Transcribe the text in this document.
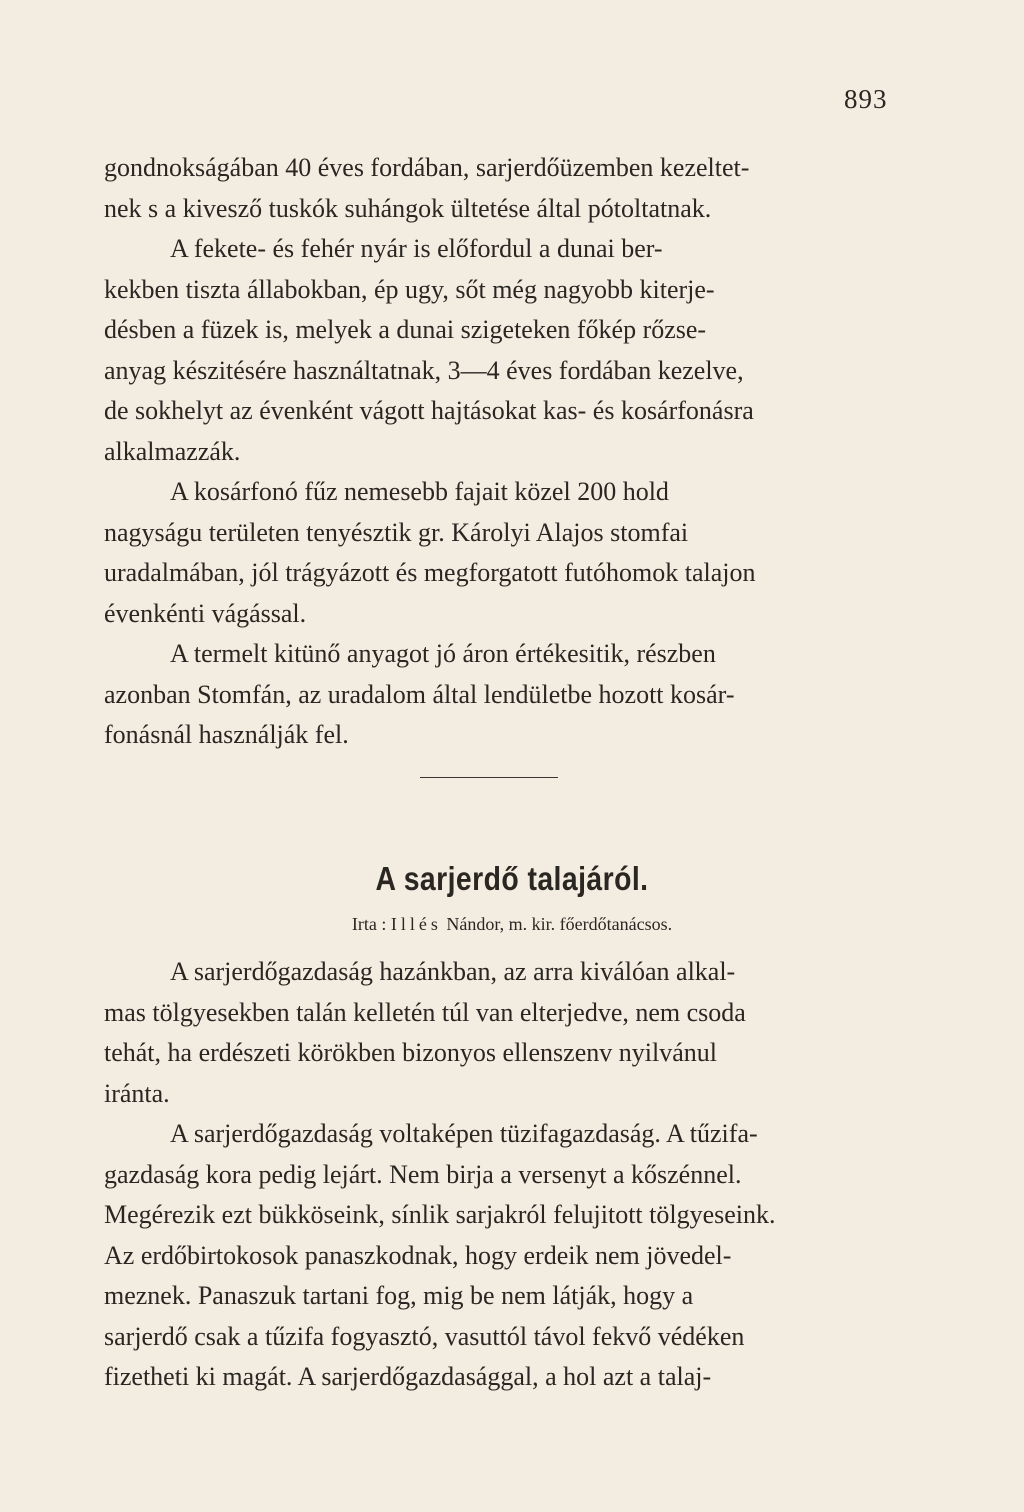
893

gondnokságában 40 éves fordában, sarjerdőüzemben kezeltet-
nek s a kivesző tuskók suhángok ültetése által pótoltatnak.

A fekete- és fehér nyár is előfordul a dunai ber-
kekben tiszta állabokban, ép ugy, sőt még nagyobb kiterje-
désben a füzek is, melyek a dunai szigeteken főkép rőzse-
anyag készitésére használtatnak, 3—4 éves fordában kezelve,
de sokhelyt az évenként vágott hajtásokat kas- és kosárfonásra
alkalmazzák.

A kosárfonó fűz nemesebb fajait közel 200 hold
nagyságu területen tenyésztik gr. Károlyi Alajos stomfai
uradalmában, jól trágyázott és megforgatott futóhomok talajon
évenkénti vágással.

A termelt kitünő anyagot jó áron értékesitik, részben
azonban Stomfán, az uradalom által lendületbe hozott kosár-
fonásnál használják fel.

A sarjerdő talajáról.

Irta : Illés Nándor, m. kir. főerdőtanácsos.

A sarjerdőgazdaság hazánkban, az arra kiválóan alkal-
mas tölgyesekben talán kelletén túl van elterjedve, nem csoda
tehát, ha erdészeti körökben bizonyos ellenszenv nyilvánul
iránta.

A sarjerdőgazdaság voltaképen tüzifagazdaság. A tűzifa-
gazdaság kora pedig lejárt. Nem birja a versenyt a kőszénnel.
Megérezik ezt bükköseink, sínlik sarjakról felujitott tölgyeseink.
Az erdőbirtokosok panaszkodnak, hogy erdeik nem jövedel-
meznek. Panaszuk tartani fog, mig be nem látják, hogy a
sarjerdő csak a tűzifa fogyasztó, vasuttól távol fekvő védéken
fizetheti ki magát. A sarjerdőgazdasággal, a hol azt a talaj-
